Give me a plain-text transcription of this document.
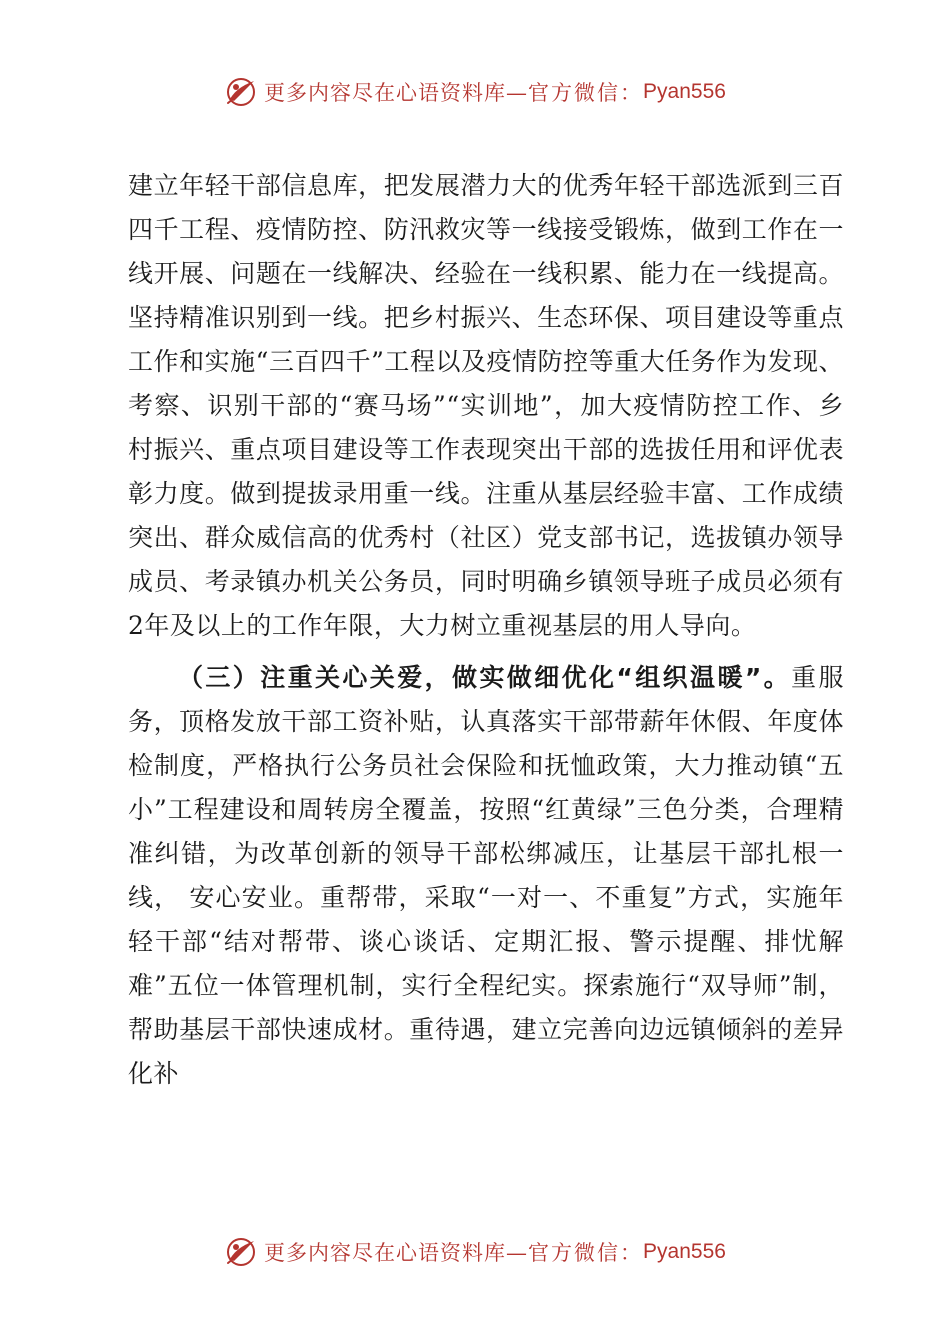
更多内容尽在心语资料库— 官方微信： Pyan556

建立年轻干部信息库，把发展潜力大的优秀年轻干部选派到三百四千工程、疫情防控、防汛救灾等一线接受锻炼，做到工作在一线开展、问题在一线解决、经验在一线积累、能力在一线提高。坚持精准识别到一线。把乡村振兴、生态环保、项目建设等重点工作和实施“三百四千”工程以及疫情防控等重大任务作为发现、考察、识别干部的“赛马场”“实训地”，加大疫情防控工作、乡村振兴、重点项目建设等工作表现突出干部的选拔任用和评优表彰力度。做到提拔录用重一线。注重从基层经验丰富、工作成绩突出、群众威信高的优秀村（社区）党支部书记，选拔镇办领导成员、考录镇办机关公务员，同时明确乡镇领导班子成员必须有 2年及以上的工作年限，大力树立重视基层的用人导向。

（三）注重关心关爱，做实做细优化“组织温暖”。重服务，顶格发放干部工资补贴，认真落实干部带薪年休假、年度体检制度，严格执行公务员社会保险和抚恤政策，大力推动镇“五小”工程建设和周转房全覆盖，按照“红黄绿”三色分类，合理精准纠错，为改革创新的领导干部松绑减压，让基层干部扎根一线， 安心安业。重帮带，采取“一对一、不重复”方式，实施年轻干部“结对帮带、谈心谈话、定期汇报、警示提醒、排忧解难”五位一体管理机制，实行全程纪实。探索施行“双导师”制，帮助基层干部快速成材。重待遇，建立完善向边远镇倾斜的差异化补

更多内容尽在心语资料库— 官方微信： Pyan556
